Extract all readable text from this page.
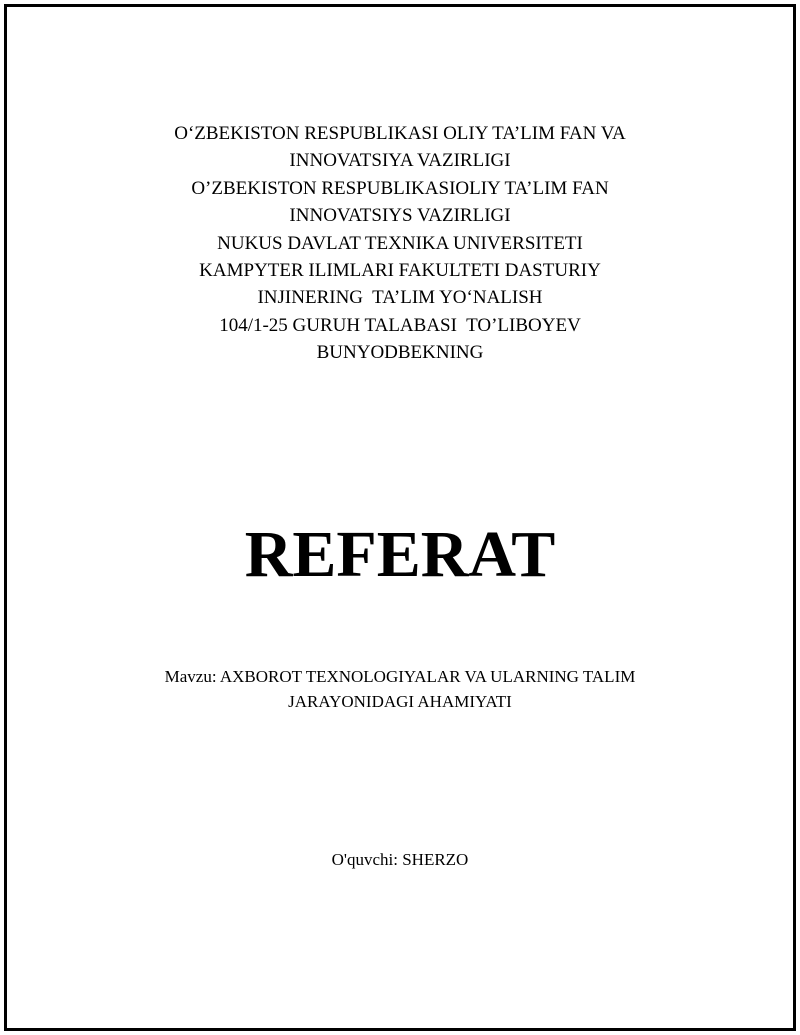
O‘ZBEKISTON RESPUBLIKASI OLIY TA’LIM FAN VA
INNOVATSIYA VAZIRLIGI
O’ZBEKISTON RESPUBLIKASIOLIY TA’LIM FAN
INNOVATSIYS VAZIRLIGI
NUKUS DAVLAT TEXNIKA UNIVERSITETI
KAMPYTER ILIMLARI FAKULTETI DASTURIY
INJINERING  TA’LIM YO‘NALISH
104/1-25 GURUH TALABASI  TO’LIBOYEV
BUNYODBEKNING
REFERAT
Mavzu: AXBOROT TEXNOLOGIYALAR VA ULARNING TALIM
JARAYONIDAGI AHAMIYATI
O'quvchi: SHERZO
